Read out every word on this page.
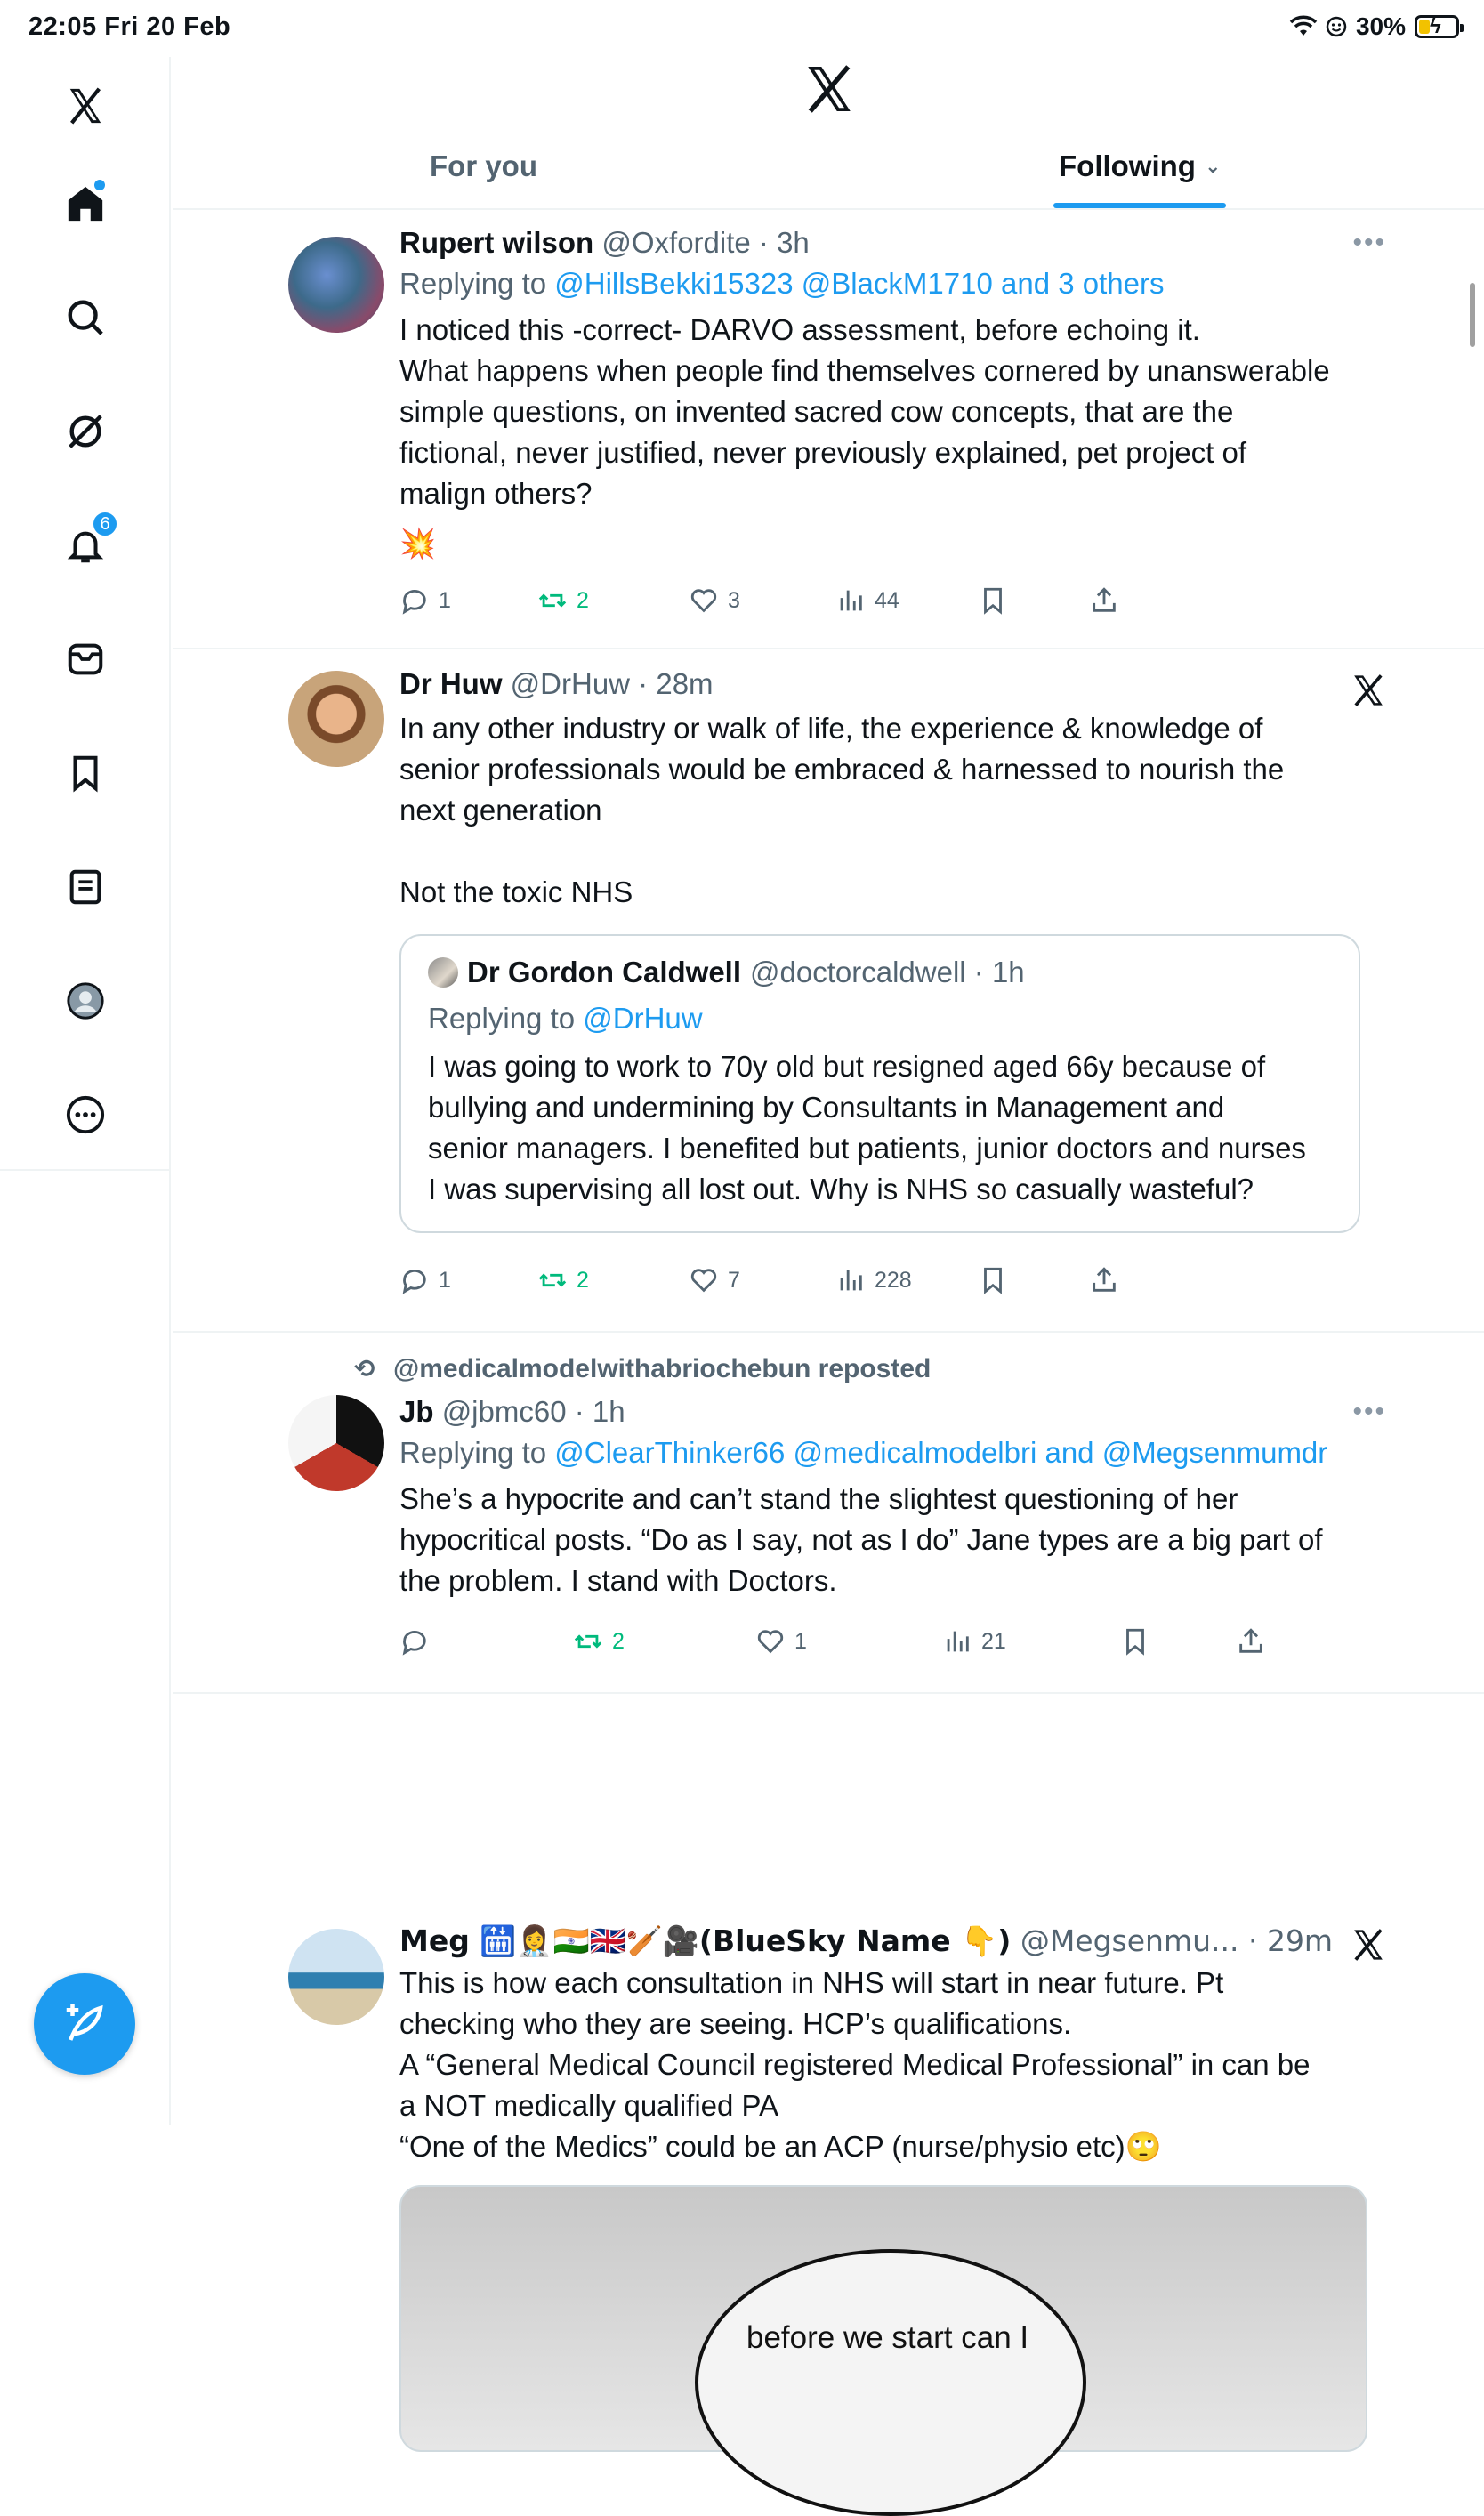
22:05 Fri 20 Feb	30% ϟ
6
For you	Following ⌄
Rupert wilson @Oxfordite · 3h
Replying to @HillsBekki15323 @BlackM1710 and 3 others
I noticed this -correct- DARVO assessment, before echoing it.
What happens when people find themselves cornered by unanswerable
simple questions, on invented sacred cow concepts, that are the
fictional, never justified, never previously explained, pet project of
malign others?
💥
•••
1	2	3	44
Dr Huw @DrHuw · 28m
In any other industry or walk of life, the experience & knowledge of
senior professionals would be embraced & harnessed to nourish the
next generation

Not the toxic NHS
Dr Gordon Caldwell @doctorcaldwell · 1h
Replying to @DrHuw
I was going to work to 70y old but resigned aged 66y because of
bullying and undermining by Consultants in Management and
senior managers. I benefited but patients, junior doctors and nurses
I was supervising all lost out. Why is NHS so casually wasteful?
1	2	7	228
⟲ @medicalmodelwithabriochebun reposted
Jb @jbmc60 · 1h
Replying to @ClearThinker66 @medicalmodelbri and @Megsenmumdr
She’s a hypocrite and can’t stand the slightest questioning of her
hypocritical posts. “Do as I say, not as I do” Jane types are a big part of
the problem. I stand with Doctors.
•••
2	1	21
Meg 🛗👩‍⚕️🇮🇳🇬🇧🏏🎥(BlueSky Name 👇) @Megsenmu... · 29m
This is how each consultation in NHS will start in near future. Pt
checking who they are seeing. HCP’s qualifications.
A “General Medical Council registered Medical Professional” in can be
a NOT medically qualified PA
“One of the Medics” could be an ACP (nurse/physio etc)🙄
before we start can I
